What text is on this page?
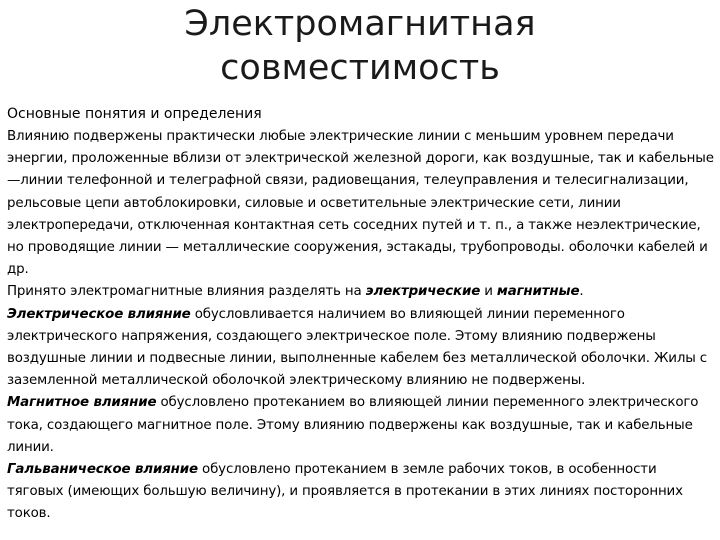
Электромагнитная
совместимость
Основные понятия и определения

Влиянию подвержены практически любые электрические линии с меньшим уровнем передачи энергии, проложенные вблизи от электрической железной дороги, как воздушные, так и кабельные—линии телефонной и телеграфной связи, радиовещания, телеуправления и телесигнализации, рельсовые цепи автоблокировки, силовые и осветительные электрические сети, линии электропередачи, отключенная контактная сеть соседних путей и т. п., а также неэлектрические, но проводящие линии — металлические сооружения, эстакады, трубопроводы. оболочки кабелей и др.

Принято электромагнитные влияния разделять на электрические и магнитные.

Электрическое влияние обусловливается наличием во влияющей линии переменного электрического напряжения, создающего электрическое поле. Этому влиянию подвержены воздушные линии и подвесные линии, выполненные кабелем без металлической оболочки. Жилы с заземленной металлической оболочкой электрическому влиянию не подвержены.

Магнитное влияние обусловлено протеканием во влияющей линии переменного электрического тока, создающего магнитное поле. Этому влиянию подвержены как воздушные, так и кабельные линии.

Гальваническое влияние обусловлено протеканием в земле рабочих токов, в особенности тяговых (имеющих большую величину), и проявляется в протекании в этих линиях посторонних токов.
